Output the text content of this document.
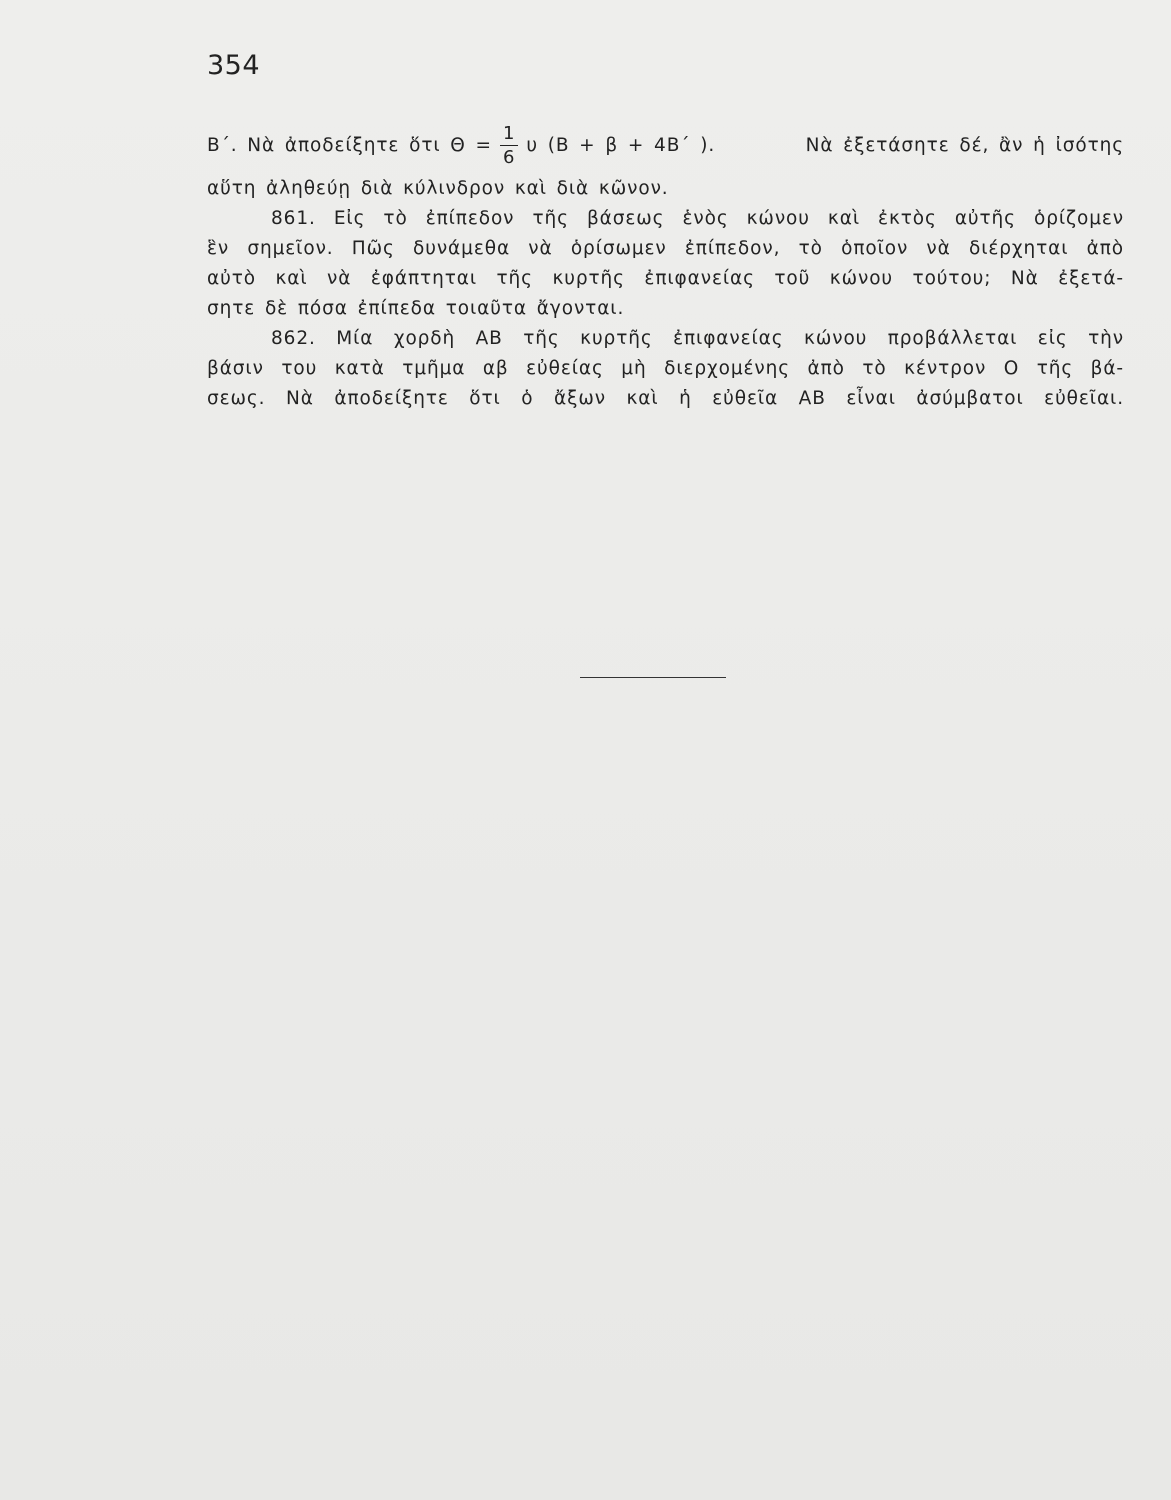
354
Β΄. Νὰ ἀποδείξητε ὅτι $\Theta = \frac{1}{6}$ υ (Β + β + 4Β΄ ).	Νὰ ἐξετάσητε δέ, ἂν ἡ ἰσότης
αὕτη ἀληθεύῃ διὰ κύλινδρον καὶ διὰ κῶνον.
861. Εἰς τὸ ἐπίπεδον τῆς βάσεως ἑνὸς κώνου καὶ ἐκτὸς αὐτῆς ὁρίζομεν
ἓν σημεῖον. Πῶς δυνάμεθα νὰ ὁρίσωμεν ἐπίπεδον, τὸ ὁποῖον νὰ διέρχηται ἀπὸ
αὐτὸ καὶ νὰ ἐφάπτηται τῆς κυρτῆς ἐπιφανείας τοῦ κώνου τούτου; Νὰ ἐξετά-
σητε δὲ πόσα ἐπίπεδα τοιαῦτα ἄγονται.
862. Μία χορδὴ ΑΒ τῆς κυρτῆς ἐπιφανείας κώνου προβάλλεται εἰς τὴν
βάσιν του κατὰ τμῆμα αβ εὐθείας μὴ διερχομένης ἀπὸ τὸ κέντρον Ο τῆς βά-
σεως. Νὰ ἀποδείξητε ὅτι ὁ ἄξων καὶ ἡ εὐθεῖα ΑΒ εἶναι ἀσύμβατοι εὐθεῖαι.
